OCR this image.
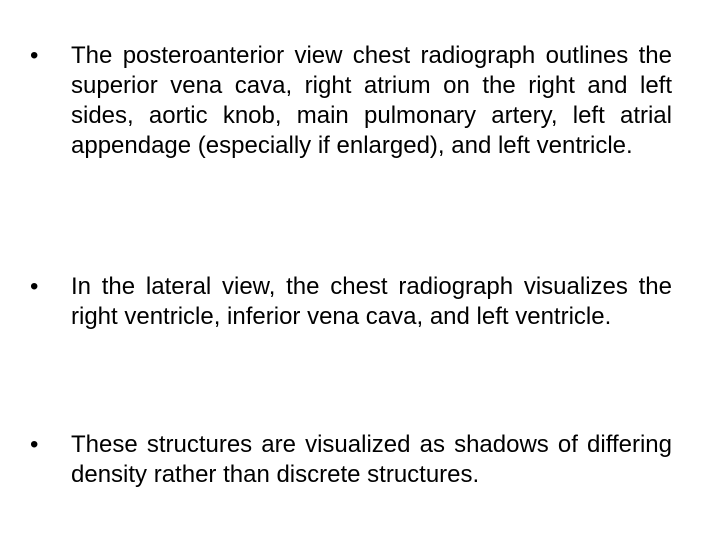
•	The posteroanterior view chest radiograph outlines the superior vena cava, right atrium on the right and left sides, aortic knob, main pulmonary artery, left atrial appendage (especially if enlarged), and left ventricle.
•	In the lateral view, the chest radiograph visualizes the right ventricle, inferior vena cava, and left ventricle.
•	These structures are visualized as shadows of differing density rather than discrete structures.
